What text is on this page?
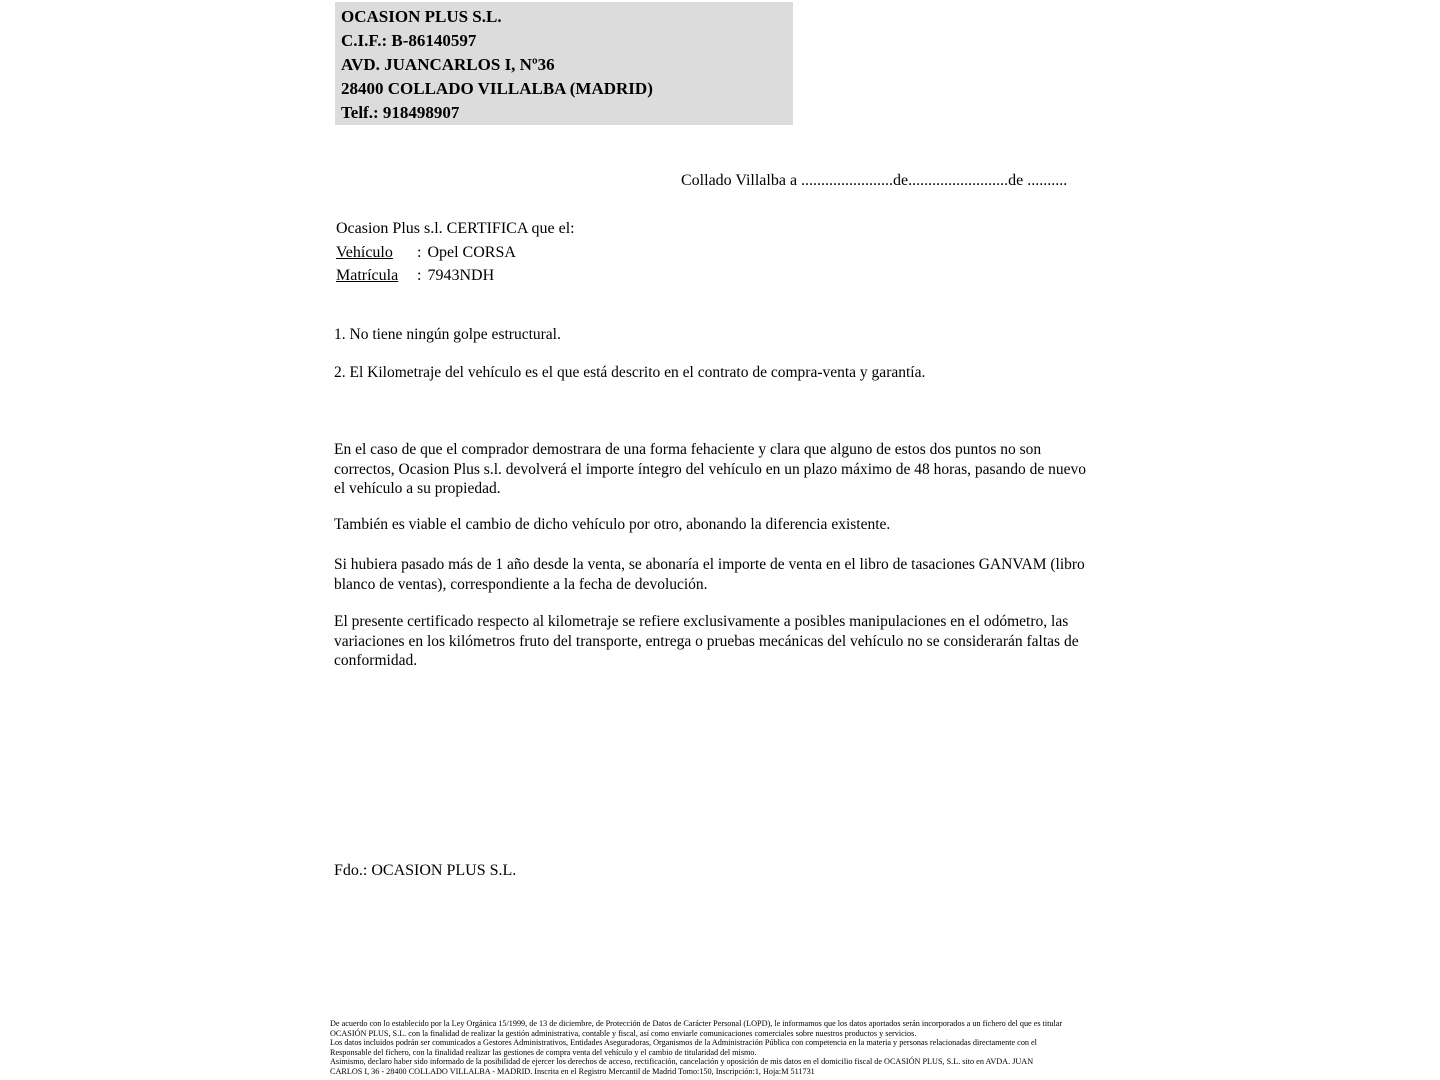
OCASION PLUS S.L.
C.I.F.: B-86140597
AVD. JUANCARLOS I, Nº36
28400 COLLADO VILLALBA (MADRID)
Telf.: 918498907
Collado Villalba a .......................de.........................de ..........
Ocasion Plus s.l. CERTIFICA que el:
Vehículo : Opel CORSA
Matrícula : 7943NDH
1. No tiene ningún golpe estructural.
2. El Kilometraje del vehículo es el que está descrito en el contrato de compra-venta y garantía.
En el caso de que el comprador demostrara de una forma fehaciente y clara que alguno de estos dos puntos no son correctos, Ocasion Plus s.l. devolverá el importe íntegro del vehículo en un plazo máximo de 48 horas, pasando de nuevo el vehículo a su propiedad.
También es viable el cambio de dicho vehículo por otro, abonando la diferencia existente.
Si hubiera pasado más de 1 año desde la venta, se abonaría el importe de venta en el libro de tasaciones GANVAM (libro blanco de ventas), correspondiente a la fecha de devolución.
El presente certificado respecto al kilometraje se refiere exclusivamente a posibles manipulaciones en el odómetro, las variaciones en los kilómetros fruto del transporte, entrega o pruebas mecánicas del vehículo no se considerarán faltas de conformidad.
Fdo.: OCASION PLUS S.L.
De acuerdo con lo establecido por la Ley Orgánica 15/1999, de 13 de diciembre, de Protección de Datos de Carácter Personal (LOPD), le informamos que los datos aportados serán incorporados a un fichero del que es titular
OCASIÓN PLUS, S.L. con la finalidad de realizar la gestión administrativa, contable y fiscal, así como enviarle comunicaciones comerciales sobre nuestros productos y servicios.
Los datos incluidos podrán ser comunicados a Gestores Administrativos, Entidades Aseguradoras, Organismos de la Administración Pública con competencia en la materia y personas relacionadas directamente con el
Responsable del fichero, con la finalidad realizar las gestiones de compra venta del vehículo y el cambio de titularidad del mismo.
Asimismo, declaro haber sido informado de la posibilidad de ejercer los derechos de acceso, rectificación, cancelación y oposición de mis datos en el domicilio fiscal de OCASIÓN PLUS, S.L. sito en AVDA. JUAN
CARLOS I, 36 - 28400 COLLADO VILLALBA - MADRID. Inscrita en el Registro Mercantil de Madrid Tomo:150, Inscripción:1, Hoja:M 511731
